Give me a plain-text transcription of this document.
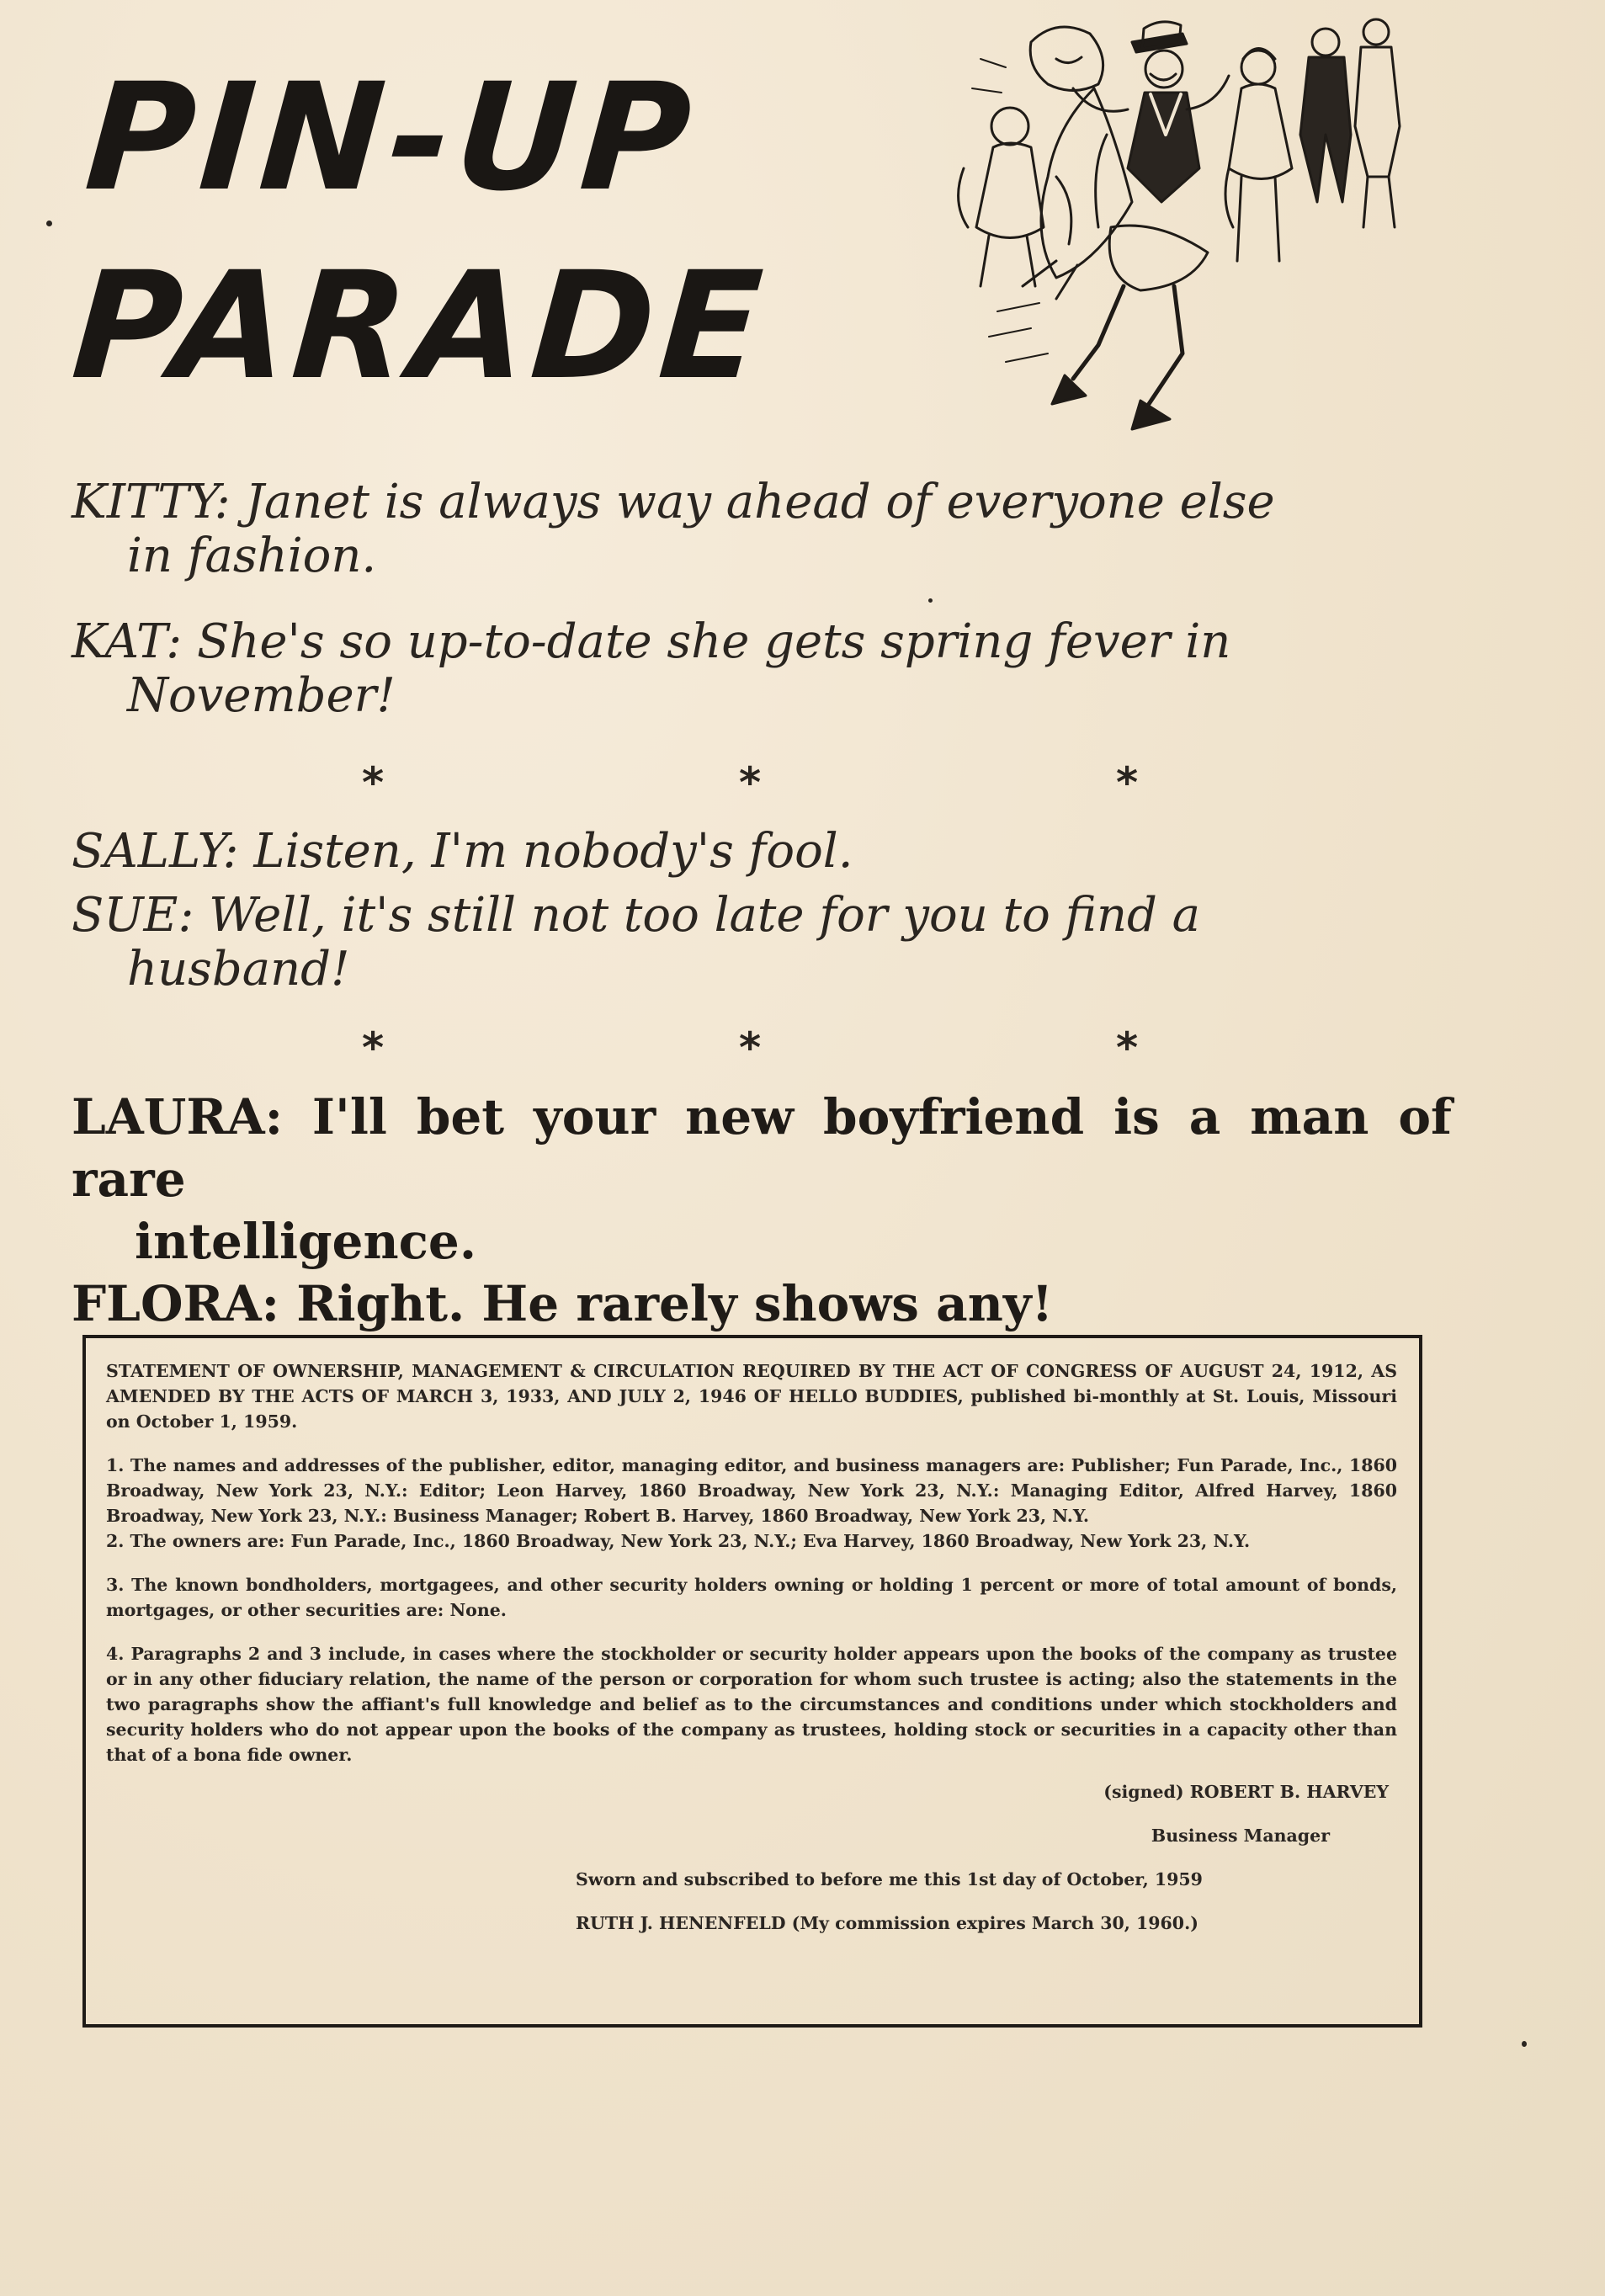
PIN-UP
PARADE

KITTY: Janet is always way ahead of everyone else

in fashion.

KAT: She's so up-to-date she gets spring fever in

November!

*	*	*

SALLY: Listen, I'm nobody's fool.

SUE: Well, it's still not too late for you to find a

husband!

*	*	*

LAURA: I'll bet your new boyfriend is a man of rare

intelligence.

FLORA: Right. He rarely shows any!

STATEMENT OF OWNERSHIP, MANAGEMENT & CIRCULATION REQUIRED BY THE ACT OF CONGRESS OF AUGUST 24, 1912, AS AMENDED BY THE ACTS OF MARCH 3, 1933, AND JULY 2, 1946 OF HELLO BUDDIES, published bi-monthly at St. Louis, Missouri on October 1, 1959.

1. The names and addresses of the publisher, editor, managing editor, and business managers are: Publisher; Fun Parade, Inc., 1860 Broadway, New York 23, N.Y.: Editor; Leon Harvey, 1860 Broadway, New York 23, N.Y.: Managing Editor, Alfred Harvey, 1860 Broadway, New York 23, N.Y.: Business Manager; Robert B. Harvey, 1860 Broadway, New York 23, N.Y.

2. The owners are: Fun Parade, Inc., 1860 Broadway, New York 23, N.Y.; Eva Harvey, 1860 Broadway, New York 23, N.Y.

3. The known bondholders, mortgagees, and other security holders owning or holding 1 percent or more of total amount of bonds, mortgages, or other securities are: None.

4. Paragraphs 2 and 3 include, in cases where the stockholder or security holder appears upon the books of the company as trustee or in any other fiduciary relation, the name of the person or corporation for whom such trustee is acting; also the statements in the two paragraphs show the affiant's full knowledge and belief as to the circumstances and conditions under which stockholders and security holders who do not appear upon the books of the company as trustees, holding stock or securities in a capacity other than that of a bona fide owner.

(signed) ROBERT B. HARVEY

Business Manager

Sworn and subscribed to before me this 1st day of October, 1959

RUTH J. HENENFELD (My commission expires March 30, 1960.)
